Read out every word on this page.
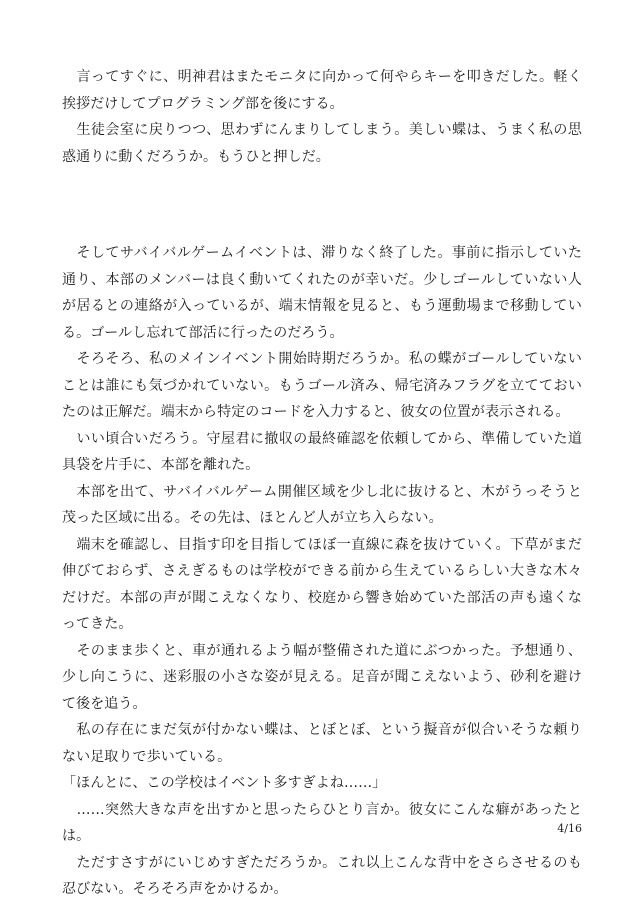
　言ってすぐに、明神君はまたモニタに向かって何やらキーを叩きだした。軽く挨拶だけしてプログラミング部を後にする。

　生徒会室に戻りつつ、思わずにんまりしてしまう。美しい蝶は、うまく私の思惑通りに動くだろうか。もうひと押しだ。

　そしてサバイバルゲームイベントは、滞りなく終了した。事前に指示していた通り、本部のメンバーは良く動いてくれたのが幸いだ。少しゴールしていない人が居るとの連絡が入っているが、端末情報を見ると、もう運動場まで移動している。ゴールし忘れて部活に行ったのだろう。

　そろそろ、私のメインイベント開始時期だろうか。私の蝶がゴールしていないことは誰にも気づかれていない。もうゴール済み、帰宅済みフラグを立てておいたのは正解だ。端末から特定のコードを入力すると、彼女の位置が表示される。

　いい頃合いだろう。守屋君に撤収の最終確認を依頼してから、準備していた道具袋を片手に、本部を離れた。

　本部を出て、サバイバルゲーム開催区域を少し北に抜けると、木がうっそうと茂った区域に出る。その先は、ほとんど人が立ち入らない。

　端末を確認し、目指す印を目指してほぼ一直線に森を抜けていく。下草がまだ伸びておらず、さえぎるものは学校ができる前から生えているらしい大きな木々だけだ。本部の声が聞こえなくなり、校庭から響き始めていた部活の声も遠くなってきた。

　そのまま歩くと、車が通れるよう幅が整備された道にぶつかった。予想通り、少し向こうに、迷彩服の小さな姿が見える。足音が聞こえないよう、砂利を避けて後を追う。

　私の存在にまだ気が付かない蝶は、とぼとぼ、という擬音が似合いそうな頼りない足取りで歩いている。

「ほんとに、この学校はイベント多すぎよね……」

　……突然大きな声を出すかと思ったらひとり言か。彼女にこんな癖があったとは。

　ただすさすがにいじめすぎただろうか。これ以上こんな背中をさらさせるのも忍びない。そろそろ声をかけるか。

4/16
